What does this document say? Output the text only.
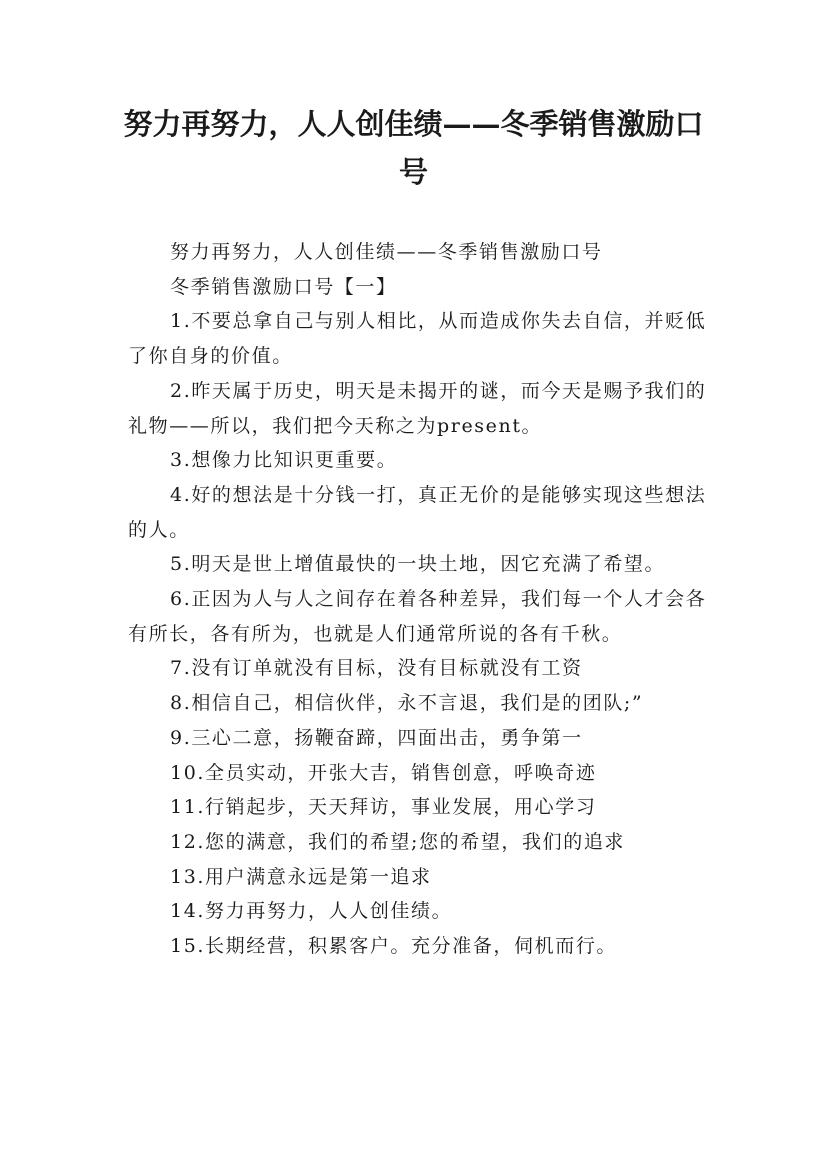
努力再努力，人人创佳绩——冬季销售激励口号

努力再努力，人人创佳绩——冬季销售激励口号

冬季销售激励口号【一】

1.不要总拿自己与别人相比，从而造成你失去自信，并贬低了你自身的价值。

2.昨天属于历史，明天是未揭开的谜，而今天是赐予我们的礼物——所以，我们把今天称之为present。

3.想像力比知识更重要。

4.好的想法是十分钱一打，真正无价的是能够实现这些想法的人。

5.明天是世上增值最快的一块土地，因它充满了希望。

6.正因为人与人之间存在着各种差异，我们每一个人才会各有所长，各有所为，也就是人们通常所说的各有千秋。

7.没有订单就没有目标，没有目标就没有工资

8.相信自己，相信伙伴，永不言退，我们是的团队;”

9.三心二意，扬鞭奋蹄，四面出击，勇争第一

10.全员实动，开张大吉，销售创意，呼唤奇迹

11.行销起步，天天拜访，事业发展，用心学习

12.您的满意，我们的希望;您的希望，我们的追求

13.用户满意永远是第一追求

14.努力再努力，人人创佳绩。

15.长期经营，积累客户。充分准备，伺机而行。
